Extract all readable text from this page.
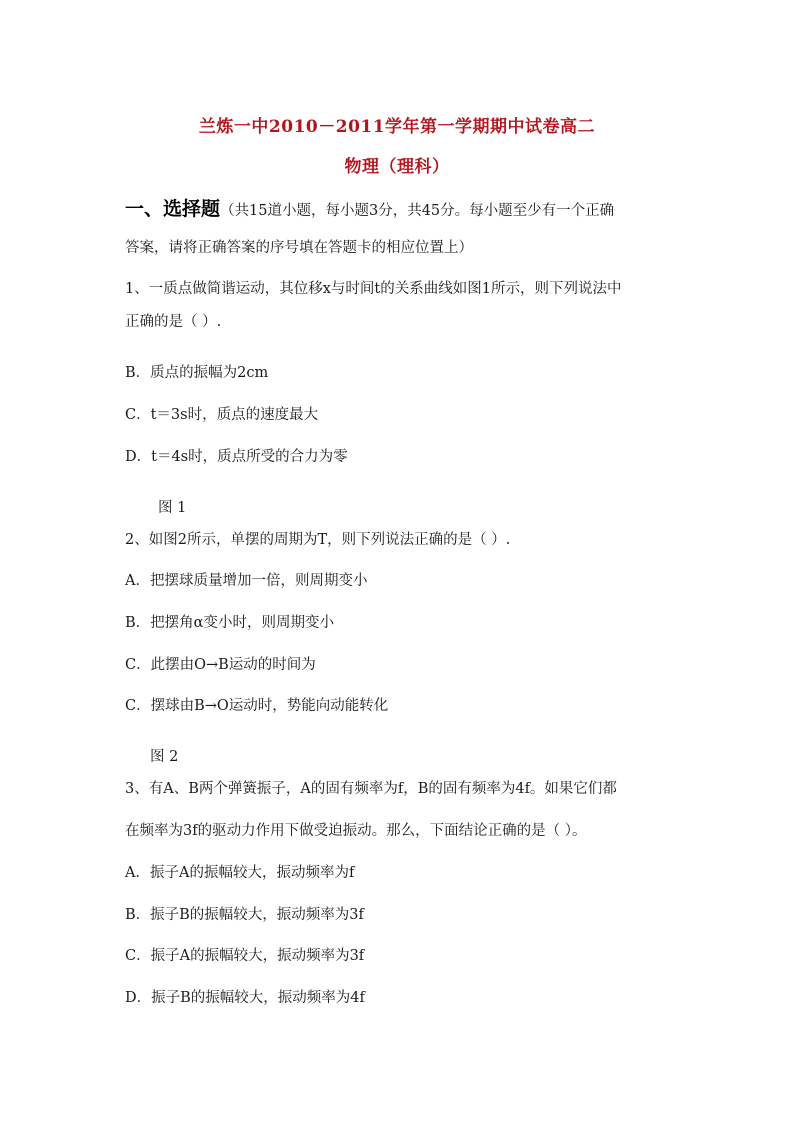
兰炼一中2010－2011学年第一学期期中试卷高二
物理（理科）
一、选择题（共15道小题，每小题3分，共45分。每小题至少有一个正确
答案，请将正确答案的序号填在答题卡的相应位置上）
1、一质点做简谐运动，其位移x与时间t的关系曲线如图1所示，则下列说法中
正确的是（ ）.
B．质点的振幅为2cm
C．t＝3s时，质点的速度最大
D．t＝4s时，质点所受的合力为零
图 1
2、如图2所示，单摆的周期为T，则下列说法正确的是（ ）.
A．把摆球质量增加一倍，则周期变小
B．把摆角α变小时，则周期变小
C．此摆由O→B运动的时间为
C．摆球由B→O运动时，势能向动能转化
图 2
3、有A、B两个弹簧振子，A的固有频率为f，B的固有频率为4f。如果它们都
在频率为3f的驱动力作用下做受迫振动。那么，下面结论正确的是（ ）。
A．振子A的振幅较大，振动频率为f
B．振子B的振幅较大，振动频率为3f
C．振子A的振幅较大，振动频率为3f
D．振子B的振幅较大，振动频率为4f
